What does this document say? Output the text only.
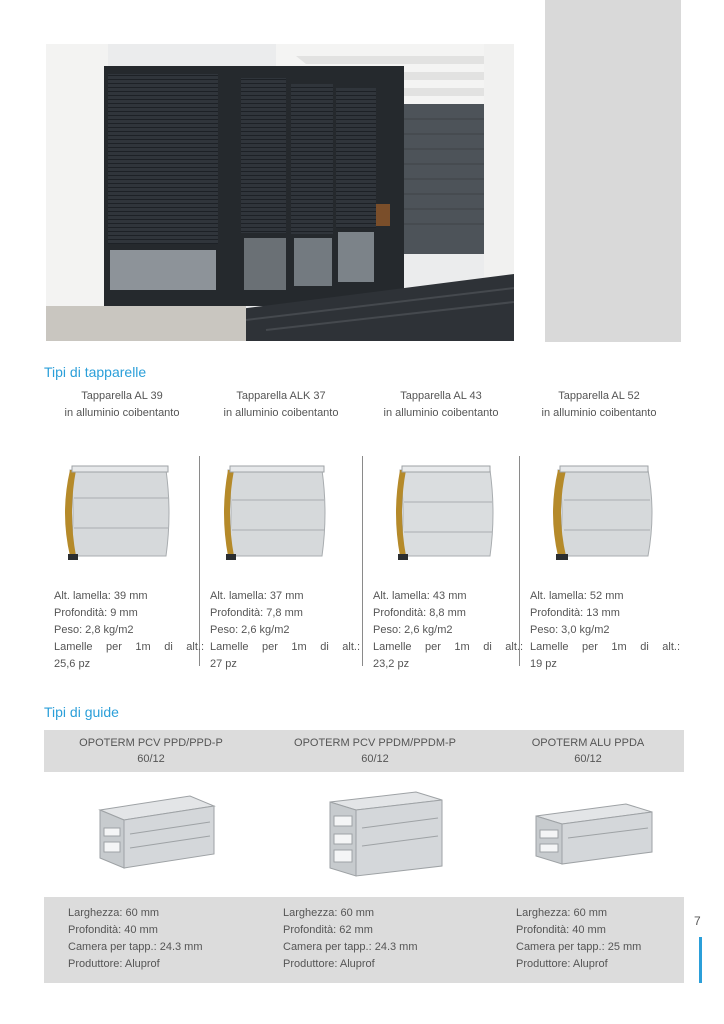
Tipi di tapparelle
Tapparella AL 39
in alluminio coibentanto
Tapparella ALK 37
in alluminio coibentanto
Tapparella AL 43
in alluminio coibentanto
Tapparella AL 52
in alluminio coibentanto

Alt. lamella: 39 mm

Profondità: 9 mm

Peso: 2,8 kg/m2

Lamelle per 1m di alt.:

25,6 pz

Alt. lamella: 37 mm

Profondità: 7,8 mm

Peso: 2,6 kg/m2

Lamelle per 1m di alt.:

27 pz

Alt. lamella: 43 mm

Profondità: 8,8 mm

Peso: 2,6 kg/m2

Lamelle per 1m di alt.:

23,2 pz

Alt. lamella: 52 mm

Profondità: 13 mm

Peso: 3,0 kg/m2

Lamelle per 1m di alt.:

19 pz

Tipi di guide
OPOTERM PCV PPD/PPD-P
60/12
OPOTERM PCV PPDM/PPDM-P
60/12
OPOTERM ALU PPDA
60/12

Larghezza: 60 mm

Profondità: 40 mm

Camera per tapp.: 24.3 mm

Produttore: Aluprof

Larghezza: 60 mm

Profondità: 62 mm

Camera per tapp.: 24.3 mm

Produttore: Aluprof

Larghezza: 60 mm

Profondità: 40 mm

Camera per tapp.: 25 mm

Produttore: Aluprof

7
